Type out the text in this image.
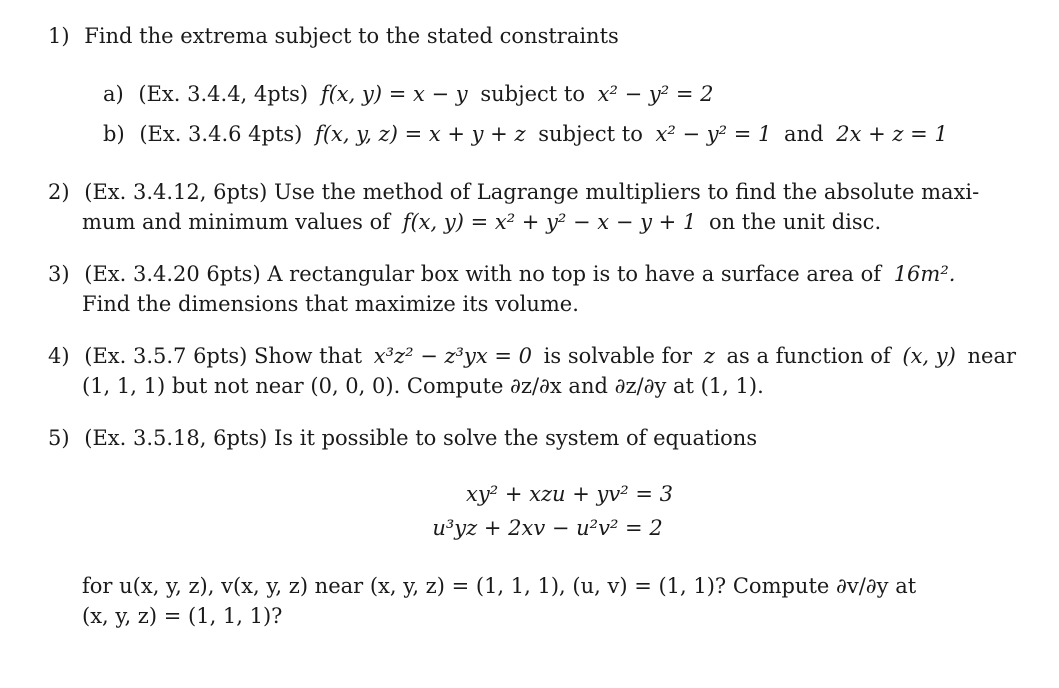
1) Find the extrema subject to the stated constraints
a) (Ex. 3.4.4, 4pts) f(x, y) = x − y subject to x² − y² = 2
b) (Ex. 3.4.6 4pts) f(x, y, z) = x + y + z subject to x² − y² = 1 and 2x + z = 1
2) (Ex. 3.4.12, 6pts) Use the method of Lagrange multipliers to find the absolute maxi-
mum and minimum values of f(x, y) = x² + y² − x − y + 1 on the unit disc.
3) (Ex. 3.4.20 6pts) A rectangular box with no top is to have a surface area of 16m².
Find the dimensions that maximize its volume.
4) (Ex. 3.5.7 6pts) Show that x³z² − z³yx = 0 is solvable for z as a function of (x, y) near
(1, 1, 1) but not near (0, 0, 0). Compute ∂z/∂x and ∂z/∂y at (1, 1).
5) (Ex. 3.5.18, 6pts) Is it possible to solve the system of equations
xy² + xzu + yv² = 3
u³yz + 2xv − u²v² = 2
for u(x, y, z), v(x, y, z) near (x, y, z) = (1, 1, 1), (u, v) = (1, 1)? Compute ∂v/∂y at
(x, y, z) = (1, 1, 1)?
